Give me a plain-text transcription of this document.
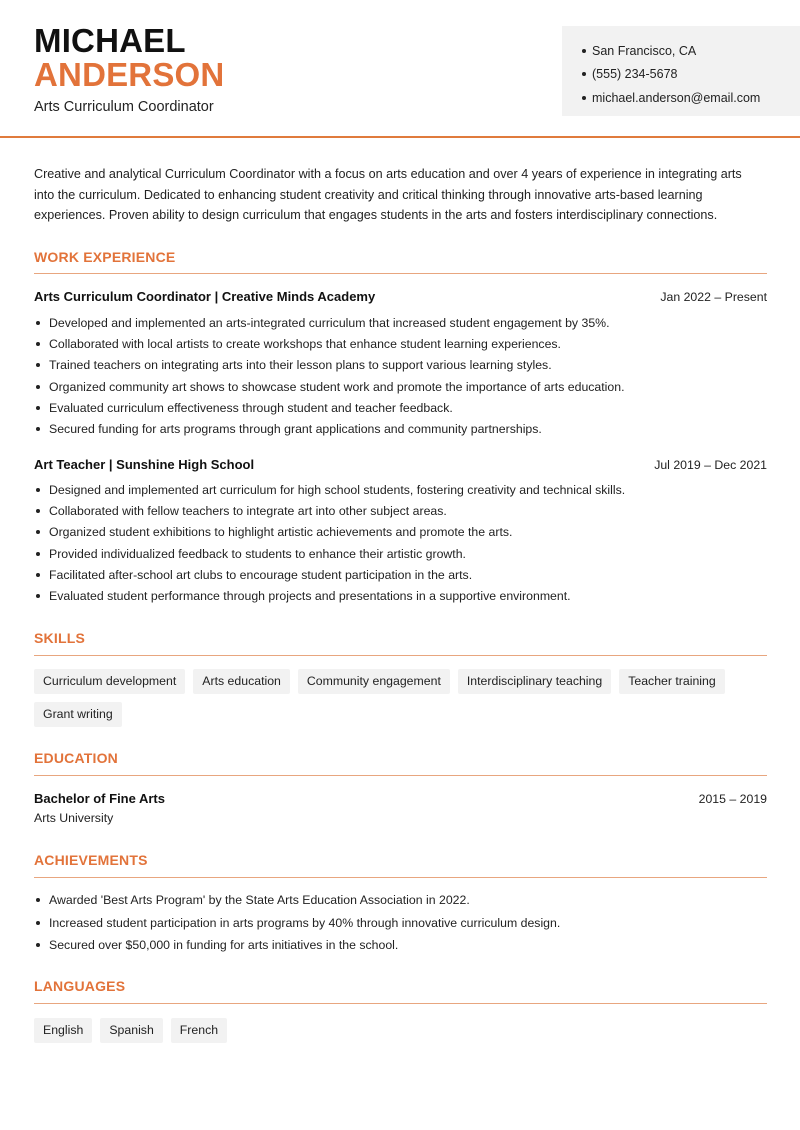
MICHAEL
ANDERSON
Arts Curriculum Coordinator
San Francisco, CA
(555) 234-5678
michael.anderson@email.com

Creative and analytical Curriculum Coordinator with a focus on arts education and over 4 years of experience in integrating arts into the curriculum. Dedicated to enhancing student creativity and critical thinking through innovative arts-based learning experiences. Proven ability to design curriculum that engages students in the arts and fosters interdisciplinary connections.

WORK EXPERIENCE
Arts Curriculum Coordinator | Creative Minds Academy	Jan 2022 – Present
Developed and implemented an arts-integrated curriculum that increased student engagement by 35%.
Collaborated with local artists to create workshops that enhance student learning experiences.
Trained teachers on integrating arts into their lesson plans to support various learning styles.
Organized community art shows to showcase student work and promote the importance of arts education.
Evaluated curriculum effectiveness through student and teacher feedback.
Secured funding for arts programs through grant applications and community partnerships.
Art Teacher | Sunshine High School	Jul 2019 – Dec 2021
Designed and implemented art curriculum for high school students, fostering creativity and technical skills.
Collaborated with fellow teachers to integrate art into other subject areas.
Organized student exhibitions to highlight artistic achievements and promote the arts.
Provided individualized feedback to students to enhance their artistic growth.
Facilitated after-school art clubs to encourage student participation in the arts.
Evaluated student performance through projects and presentations in a supportive environment.
SKILLS
Curriculum development	Arts education	Community engagement	Interdisciplinary teaching	Teacher training
Grant writing
EDUCATION
Bachelor of Fine Arts	2015 – 2019
Arts University
ACHIEVEMENTS
Awarded 'Best Arts Program' by the State Arts Education Association in 2022.
Increased student participation in arts programs by 40% through innovative curriculum design.
Secured over $50,000 in funding for arts initiatives in the school.
LANGUAGES
English	Spanish	French
